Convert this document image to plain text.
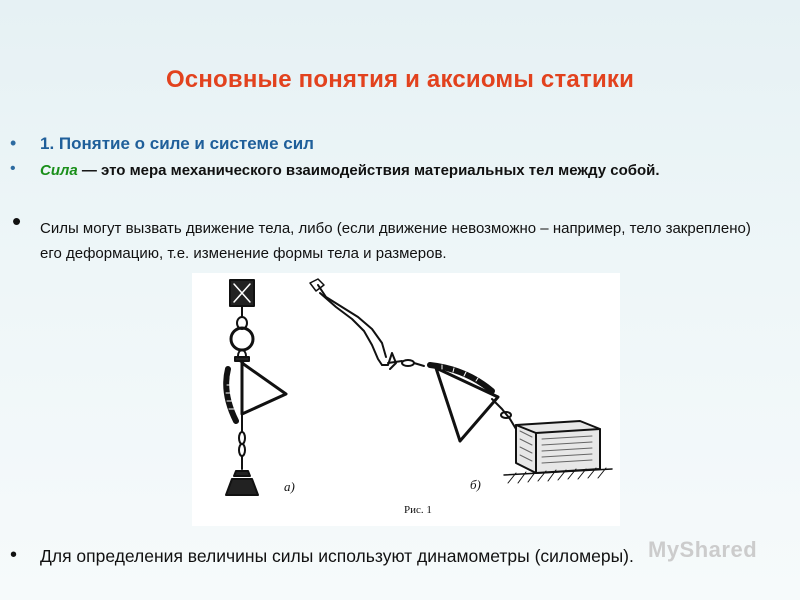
Основные понятия и аксиомы статики
• 1. Понятие о силе и системе сил
• Сила — это мера механического взаимодействия материальных тел между собой.
• Силы могут вызвать движение тела, либо (если движение невозможно – например, тело закреплено) его деформацию, т.е. изменение формы тела и размеров.
а)	б)
Рис. 1
• Для определения величины силы используют динамометры (силомеры). MyShared
